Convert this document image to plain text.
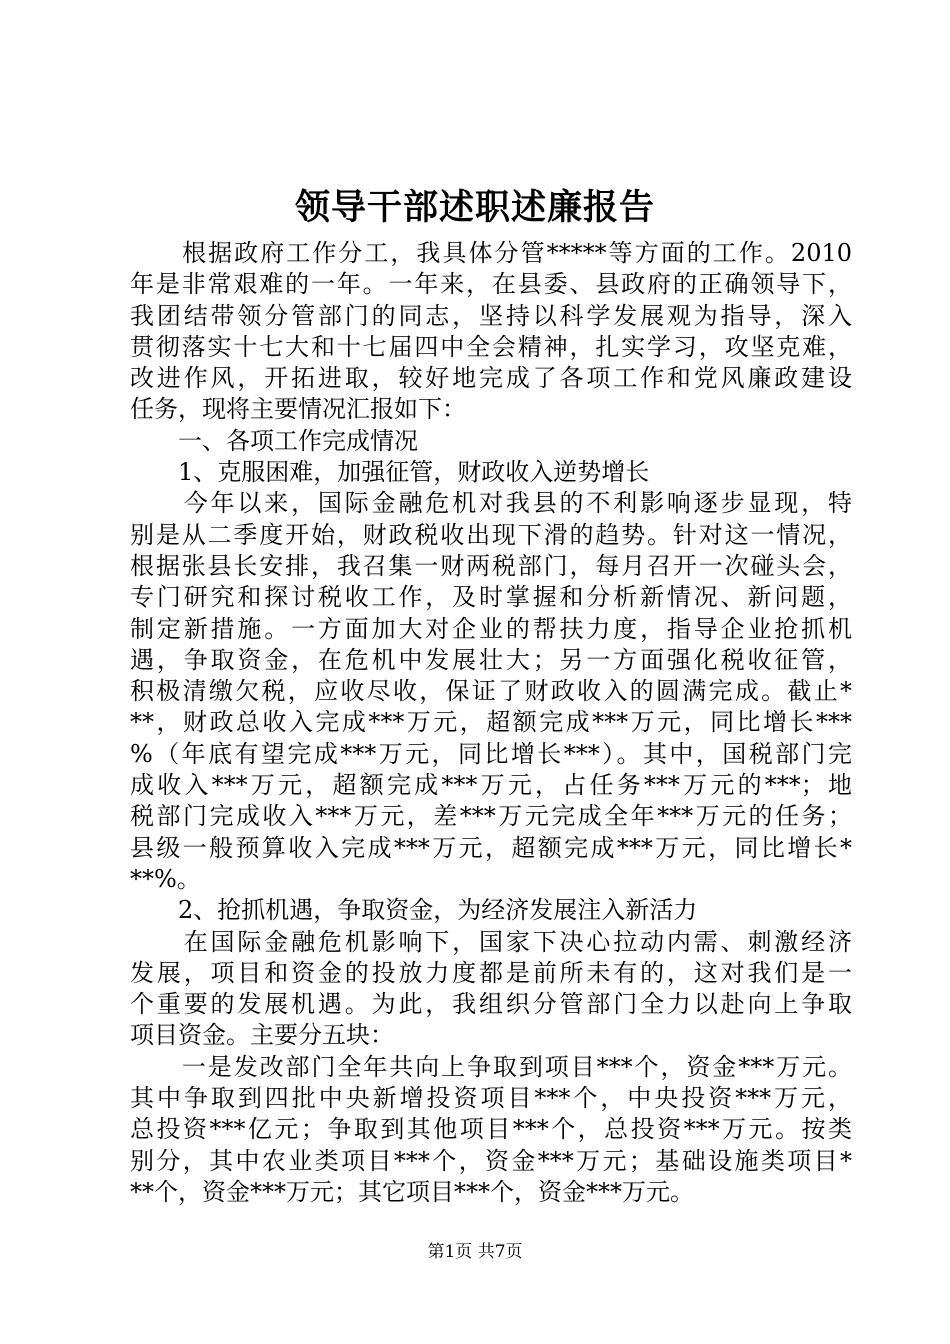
领导干部述职述廉报告
　　根据政府工作分工，我具体分管*****等方面的工作。2010
年是非常艰难的一年。一年来，在县委、县政府的正确领导下，
我团结带领分管部门的同志，坚持以科学发展观为指导，深入
贯彻落实十七大和十七届四中全会精神，扎实学习，攻坚克难，
改进作风，开拓进取，较好地完成了各项工作和党风廉政建设
任务，现将主要情况汇报如下：
　　一、各项工作完成情况
　　1、克服困难，加强征管，财政收入逆势增长
　　今年以来，国际金融危机对我县的不利影响逐步显现，特
别是从二季度开始，财政税收出现下滑的趋势。针对这一情况，
根据张县长安排，我召集一财两税部门，每月召开一次碰头会，
专门研究和探讨税收工作，及时掌握和分析新情况、新问题，
制定新措施。一方面加大对企业的帮扶力度，指导企业抢抓机
遇，争取资金，在危机中发展壮大；另一方面强化税收征管，
积极清缴欠税，应收尽收，保证了财政收入的圆满完成。截止*
**，财政总收入完成***万元，超额完成***万元，同比增长***
%（年底有望完成***万元，同比增长***）。其中，国税部门完
成收入***万元，超额完成***万元，占任务***万元的***；地
税部门完成收入***万元，差***万元完成全年***万元的任务；
县级一般预算收入完成***万元，超额完成***万元，同比增长*
**%。
　　2、抢抓机遇，争取资金，为经济发展注入新活力
　　在国际金融危机影响下，国家下决心拉动内需、刺激经济
发展，项目和资金的投放力度都是前所未有的，这对我们是一
个重要的发展机遇。为此，我组织分管部门全力以赴向上争取
项目资金。主要分五块：
　　一是发改部门全年共向上争取到项目***个，资金***万元。
其中争取到四批中央新增投资项目***个，中央投资***万元，
总投资***亿元；争取到其他项目***个，总投资***万元。按类
别分，其中农业类项目***个，资金***万元；基础设施类项目*
**个，资金***万元；其它项目***个，资金***万元。
第1页 共7页
